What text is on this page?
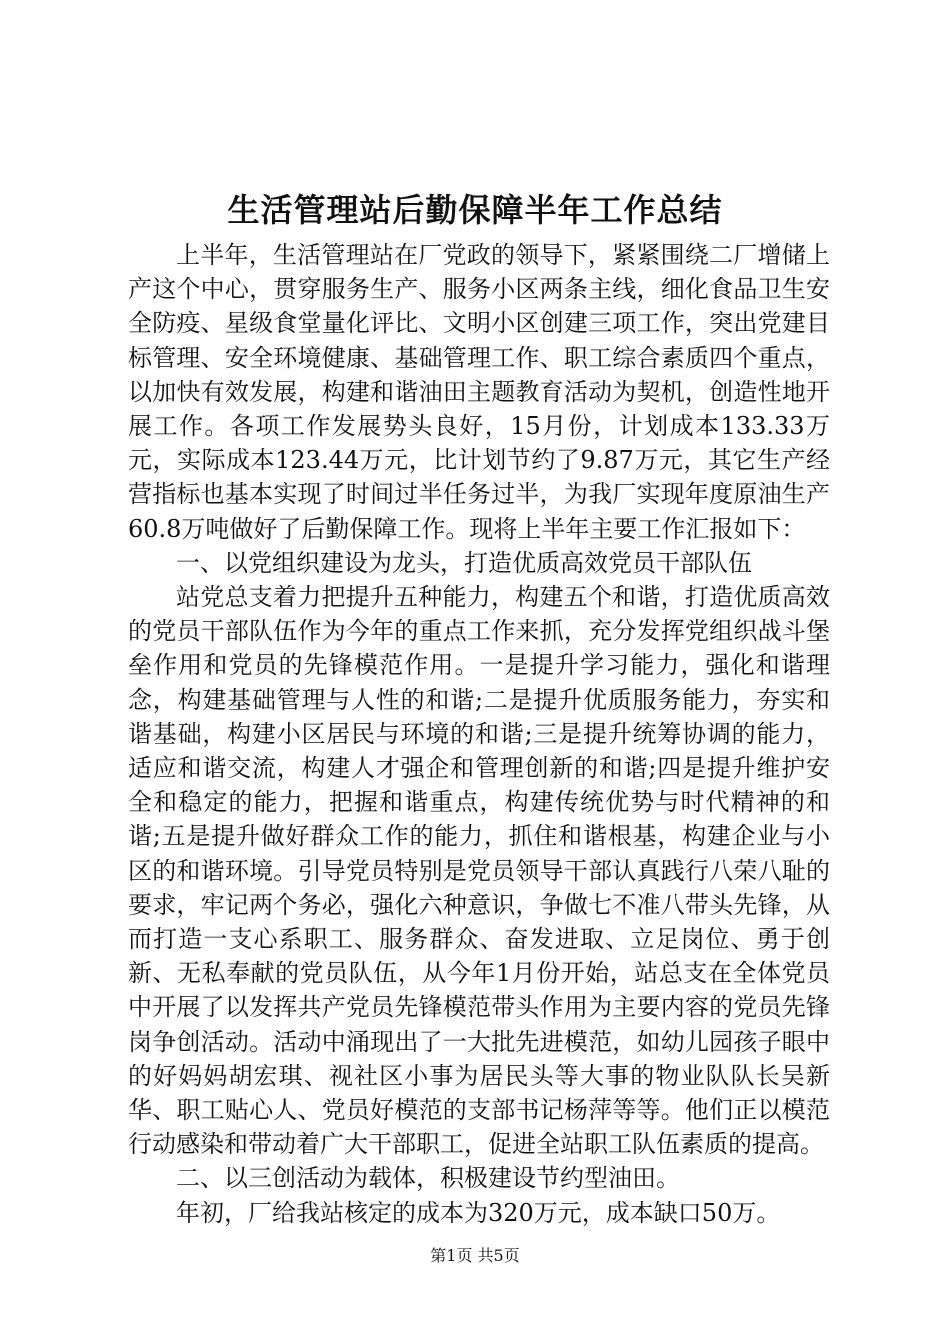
生活管理站后勤保障半年工作总结

上半年，生活管理站在厂党政的领导下，紧紧围绕二厂增储上产这个中心，贯穿服务生产、服务小区两条主线，细化食品卫生安全防疫、星级食堂量化评比、文明小区创建三项工作，突出党建目标管理、安全环境健康、基础管理工作、职工综合素质四个重点，以加快有效发展，构建和谐油田主题教育活动为契机，创造性地开展工作。各项工作发展势头良好，15月份，计划成本133.33万元，实际成本123.44万元，比计划节约了9.87万元，其它生产经营指标也基本实现了时间过半任务过半，为我厂实现年度原油生产60.8万吨做好了后勤保障工作。现将上半年主要工作汇报如下：

一、以党组织建设为龙头，打造优质高效党员干部队伍

站党总支着力把提升五种能力，构建五个和谐，打造优质高效的党员干部队伍作为今年的重点工作来抓，充分发挥党组织战斗堡垒作用和党员的先锋模范作用。一是提升学习能力，强化和谐理念，构建基础管理与人性的和谐;二是提升优质服务能力，夯实和谐基础，构建小区居民与环境的和谐;三是提升统筹协调的能力，适应和谐交流，构建人才强企和管理创新的和谐;四是提升维护安全和稳定的能力，把握和谐重点，构建传统优势与时代精神的和谐;五是提升做好群众工作的能力，抓住和谐根基，构建企业与小区的和谐环境。引导党员特别是党员领导干部认真践行八荣八耻的要求，牢记两个务必，强化六种意识，争做七不准八带头先锋，从而打造一支心系职工、服务群众、奋发进取、立足岗位、勇于创新、无私奉献的党员队伍，从今年1月份开始，站总支在全体党员中开展了以发挥共产党员先锋模范带头作用为主要内容的党员先锋岗争创活动。活动中涌现出了一大批先进模范，如幼儿园孩子眼中的好妈妈胡宏琪、视社区小事为居民头等大事的物业队队长吴新华、职工贴心人、党员好模范的支部书记杨萍等等。他们正以模范行动感染和带动着广大干部职工，促进全站职工队伍素质的提高。

二、以三创活动为载体，积极建设节约型油田。

年初，厂给我站核定的成本为320万元，成本缺口50万。

第1页 共5页
